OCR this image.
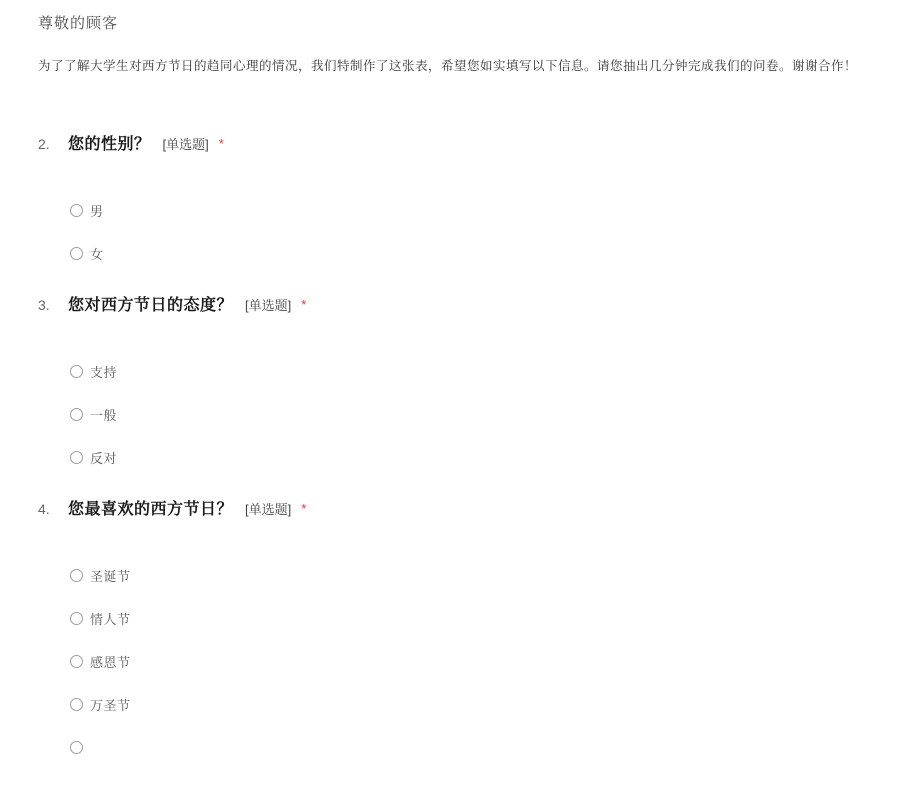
尊敬的顾客

为了了解大学生对西方节日的趋同心理的情况，我们特制作了这张表，希望您如实填写以下信息。请您抽出几分钟完成我们的问卷。谢谢合作！

2.	您的性别？ [单选题] *
男
女
3.	您对西方节日的态度？ [单选题] *
支持
一般
反对
4.	您最喜欢的西方节日？ [单选题] *
圣诞节
情人节
感恩节
万圣节
